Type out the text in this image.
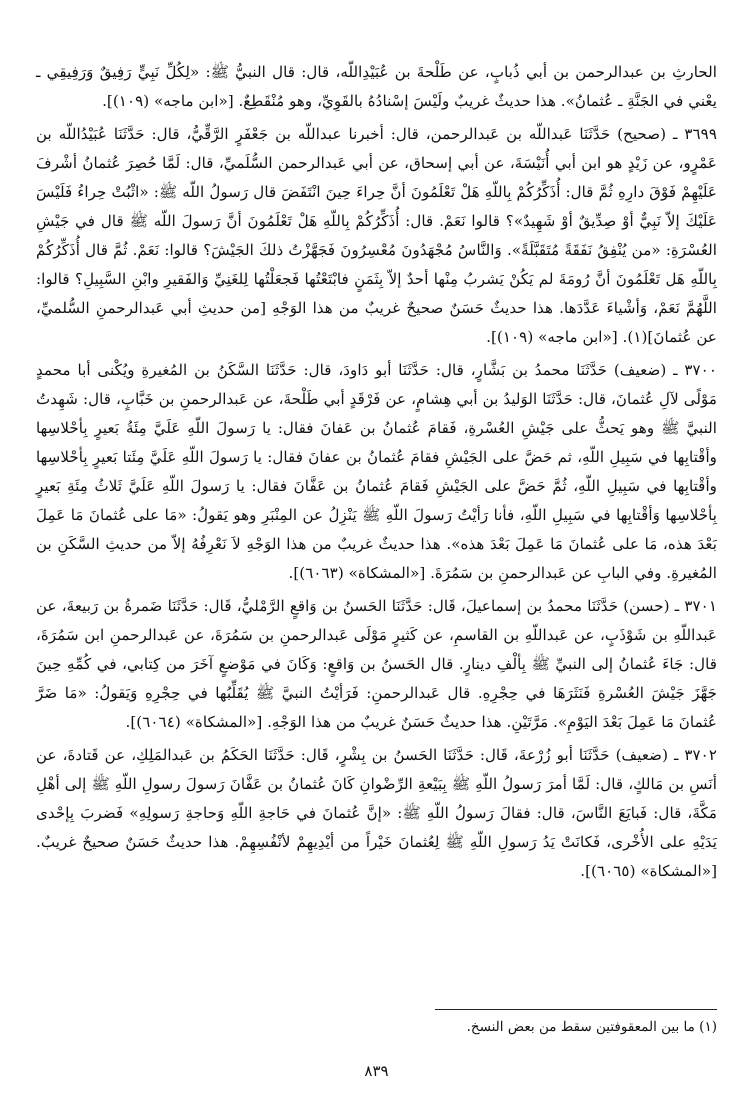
الحارثِ بن عبدالرحمن بن أبي ذُبابٍ، عن طَلْحةَ بن عُبَيْدِاللّه، قال: قال النبيُّ ﷺ: «لِكُلِّ نَبِيٍّ رَفِيقٌ وَرَفِيقِي ـ يعْني في الجَنَّةِ ـ عُثمانُ». هذا حديثٌ غريبٌ ولَيْسَ إسْنادُهُ بالقَوِيِّ، وهو مُنْقَطِعٌ. [«ابن ماجه» (١٠٩)].

٣٦٩٩ ـ (صحيح) حَدَّثَنَا عَبداللّه بن عَبدالرحمن، قال: أخبرنا عبداللّه بن جَعْفَرٍ الرَّقِّيُّ، قال: حَدَّثَنَا عُبَيْدُاللّه بن عَمْرٍو، عن زَيْدٍ هو ابن أبي أُنَيْسَةَ، عن أبي إسحاق، عن أبي عَبدالرحمن السُّلَميِّ، قال: لَمَّا حُصِرَ عُثمانُ أشْرفَ عَلَيْهِمْ فَوْقَ دارِهِ ثُمَّ قال: أُذَكِّرُكُمْ بِاللّهِ هَلْ تَعْلَمُونَ أنَّ حِراءَ حِينَ انْتَفَضَ قال رَسولُ اللّه ﷺ: «اثْبُتْ حِراءُ فَلَيْسَ عَلَيْكَ إلاّ نَبِيٌّ أوْ صِدِّيقٌ أوْ شَهِيدٌ»؟ قالوا نَعَمْ. قال: أُذَكِّرُكُمْ بِاللّهِ هَلْ تَعْلَمُونَ أنَّ رَسولَ اللّه ﷺ قال في جَيْشِ العُسْرَةِ: «من يُنْفِقُ نَفَقَةً مُتَقَبَّلَةً». وَالنَّاسُ مُجْهَدُونَ مُعْسِرُونَ فَجَهَّزْتُ ذلكَ الجَيْشَ؟ قالوا: نَعَمْ. ثُمَّ قال أُذَكِّرُكُمْ بِاللّهِ هَل تَعْلَمُونَ أنَّ رُومَةَ لم يَكُنْ يَشربُ مِنْها أحدٌ إلاّ بِثَمَنٍ فابْتَعْتُها فَجعَلْتُها لِلغَنِيِّ وَالفَقيرِ وابْنِ السَّبِيلِ؟ قالوا: اللَّهُمَّ نَعَمْ، وَأشْياءَ عَدَّدَها. هذا حديثٌ حَسَنٌ صحيحٌ غريبٌ من هذا الوَجْهِ [من حديثِ أبي عَبدالرحمنِ السُّلميِّ، عن عُثمانَ](١). [«ابن ماجه» (١٠٩)].

٣٧٠٠ ـ (ضعيف) حَدَّثَنَا محمدُ بن بَشَّارٍ، قال: حَدَّثَنَا أبو دَاودَ، قال: حَدَّثَنَا السَّكَنُ بن المُغيرةِ ويُكْنى أبا محمدٍ مَوْلًى لآلِ عُثمانَ، قال: حَدَّثَنَا الوَليدُ بن أبي هِشامٍ، عن فَرْقَدٍ أبي طَلْحةَ، عن عَبدالرحمنِ بن خَبَّابٍ، قال: شَهِدتُ النبيَّ ﷺ وهو يَحثُّ على جَيْشِ العُسْرةِ، فَقامَ عُثمانُ بن عَفانَ فقال: يا رَسولَ اللّهِ عَلَيَّ مِئَةُ بَعيرٍ بِأحْلاسِها وأقْتابِها في سَبِيلِ اللّهِ، ثم حَضَّ على الجَيْشِ فقامَ عُثمانُ بن عفانَ فقال: يا رَسولَ اللّهِ عَلَيَّ مِئَتا بَعيرٍ بِأحْلاسِها وأقْتابِها في سَبِيلِ اللّهِ، ثُمَّ حَضَّ على الجَيْشِ فَقامَ عُثمانُ بن عَفَّانَ فقال: يا رَسولَ اللّهِ عَلَيَّ ثَلاثُ مِئَةِ بَعيرٍ بِأحْلاسِها وَأقْتابِها في سَبِيلِ اللّهِ، فأنا رَأيْتُ رَسولَ اللّهِ ﷺ يَنْزِلُ عن المِنْبَرِ وهو يَقولُ: «مَا على عُثمانَ مَا عَمِلَ بَعْدَ هذه، مَا على عُثمانَ مَا عَمِلَ بَعْدَ هذه». هذا حديثٌ غريبٌ من هذا الوَجْهِ لاَ نَعْرِفُهُ إلاّ من حديثِ السَّكَنِ بن المُغيرةِ. وفي البابِ عن عَبدالرحمنِ بن سَمُرَةَ. [«المشكاة» (٦٠٦٣)].

٣٧٠١ ـ (حسن) حَدَّثَنَا محمدُ بن إسماعيلَ، قَال: حَدَّثَنَا الحَسنُ بن وَاقعٍ الرَّمْليُّ، قَال: حَدَّثَنَا ضَمرةُ بن رَبيعةَ، عن عَبداللّهِ بن شَوْذَبٍ، عن عَبداللّهِ بن القاسمِ، عن كَثيرٍ مَوْلَى عَبدالرحمنِ بن سَمُرَةَ، عن عَبدالرحمنِ ابن سَمُرَةَ، قال: جَاءَ عُثمانُ إلى النبيِّ ﷺ بِألْفِ دينارٍ. قال الحَسنُ بن وَاقعٍ: وَكَانَ في مَوْضعٍ آخَرَ من كِتابي، في كُمِّهِ حِينَ جَهَّزَ جَيْشَ العُسْرةِ فَنَثَرَهَا في حِجْرِهِ. قال عَبدالرحمنِ: فَرَأيْتُ النبيَّ ﷺ يُقَلِّبُها في حِجْرِهِ وَيَقولُ: «مَا ضَرَّ عُثمانَ مَا عَمِلَ بَعْدَ اليَوْمِ». مَرَّتَيْنِ. هذا حديثٌ حَسَنٌ غريبٌ من هذا الوَجْهِ. [«المشكاة» (٦٠٦٤)].

٣٧٠٢ ـ (ضعيف) حَدَّثَنَا أبو زُرْعةَ، قَال: حَدَّثَنَا الحَسنُ بن بِشْرٍ، قَال: حَدَّثَنَا الحَكَمُ بن عَبدالمَلِكِ، عن قَتادةَ، عن أنَسِ بن مَالكٍ، قال: لَمَّا أمرَ رَسولُ اللّهِ ﷺ بِبَيْعةِ الرِّضْوانِ كَانَ عُثمانُ بن عَفَّانَ رَسولَ رسولِ اللّهِ ﷺ إلى أهْلِ مَكَّةَ، قال: فَبايَعَ النَّاسَ، قال: فقالَ رَسولُ اللّهِ ﷺ: «إنَّ عُثمانَ في حَاجةِ اللّهِ وَحاجةِ رَسولِهِ» فَضربَ بِإحْدى يَدَيْهِ على الأُخْرى، فَكانَتْ يَدُ رَسولِ اللّهِ ﷺ لِعُثمانَ خَيْراً من أيْدِيهِمْ لأنْفُسِهِمْ. هذا حديثٌ حَسَنٌ صحيحٌ غريبٌ. [«المشكاة» (٦٠٦٥)].

(١) ما بين المعقوفتين سقط من بعض النسخ.
٨٣٩
